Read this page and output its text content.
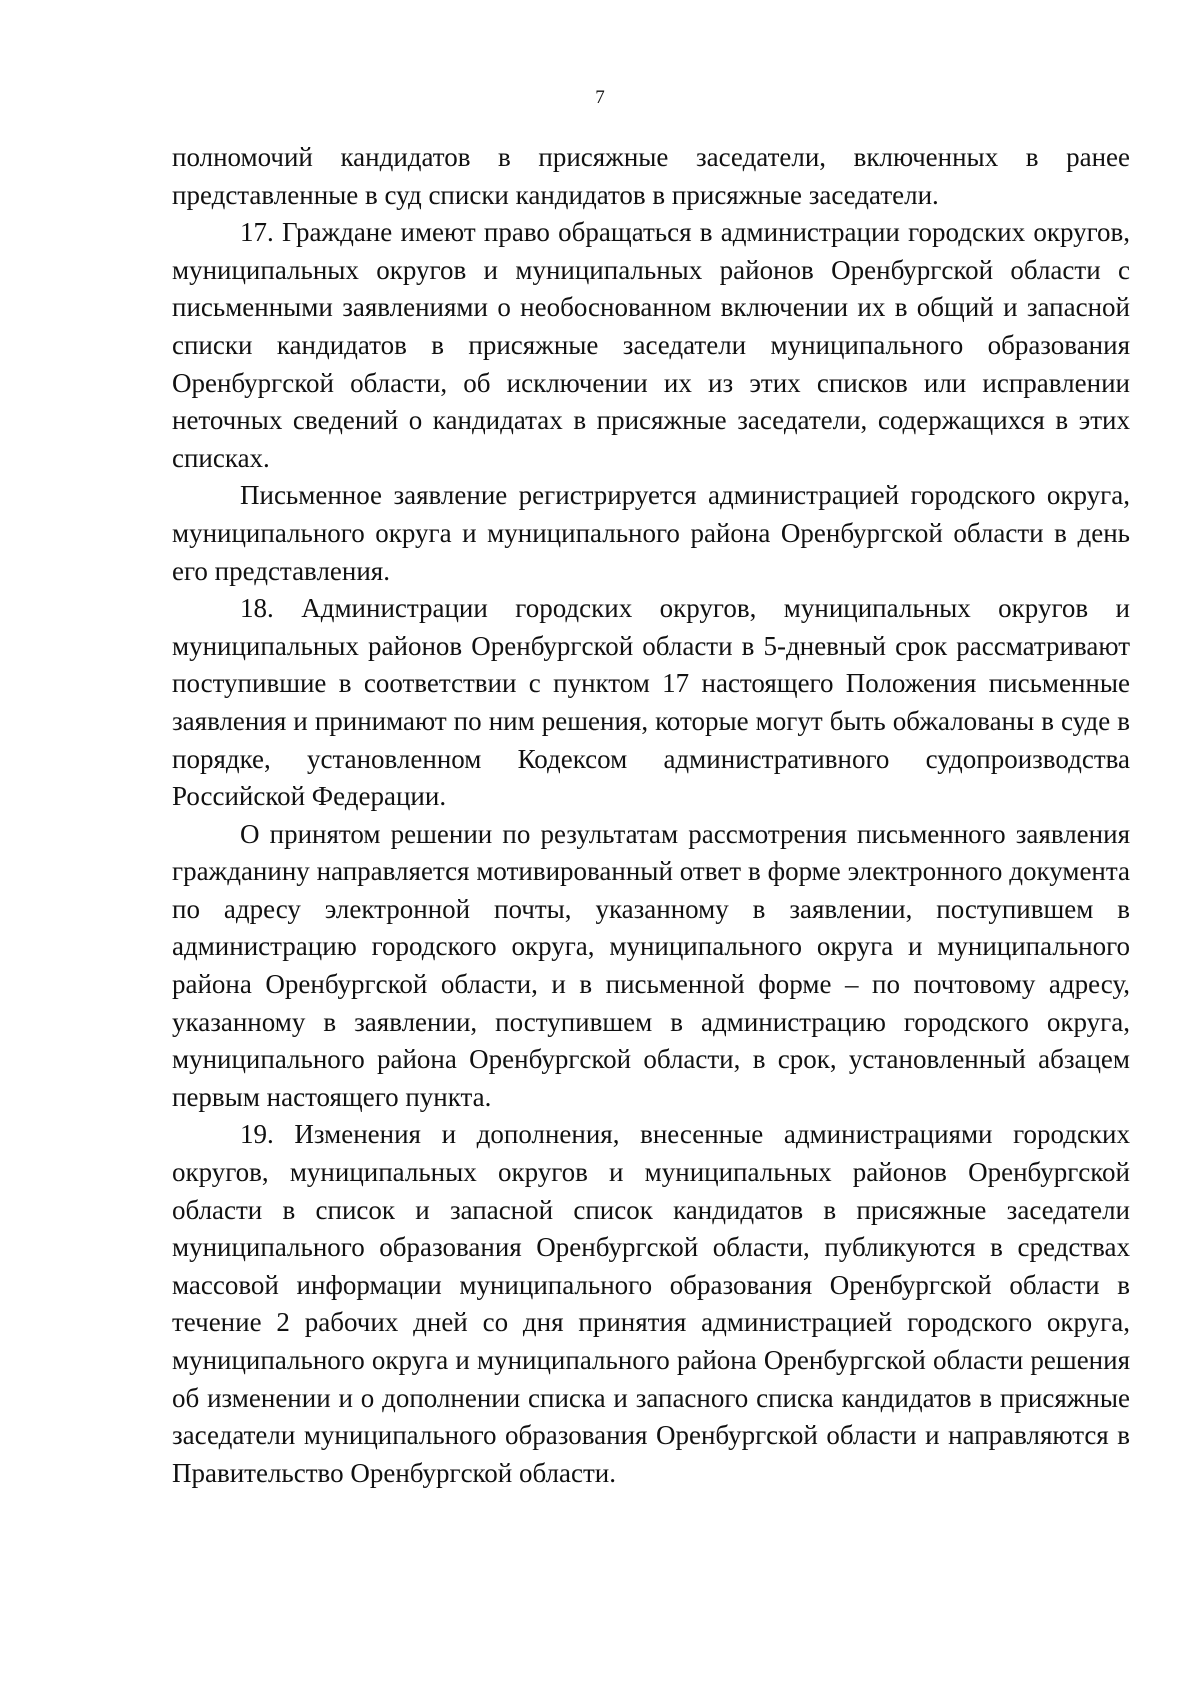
7

полномочий кандидатов в присяжные заседатели, включенных в ранее представленные в суд списки кандидатов в присяжные заседатели.

17. Граждане имеют право обращаться в администрации городских округов, муниципальных округов и муниципальных районов Оренбургской области с письменными заявлениями о необоснованном включении их в общий и запасной списки кандидатов в присяжные заседатели муниципального образования Оренбургской области, об исключении их из этих списков или исправлении неточных сведений о кандидатах в присяжные заседатели, содержащихся в этих списках.

Письменное заявление регистрируется администрацией городского округа, муниципального округа и муниципального района Оренбургской области в день его представления.

18. Администрации городских округов, муниципальных округов и муниципальных районов Оренбургской области в 5-дневный срок рассматривают поступившие в соответствии с пунктом 17 настоящего Положения письменные заявления и принимают по ним решения, которые могут быть обжалованы в суде в порядке, установленном Кодексом административного судопроизводства Российской Федерации.

О принятом решении по результатам рассмотрения письменного заявления гражданину направляется мотивированный ответ в форме электронного документа по адресу электронной почты, указанному в заявлении, поступившем в администрацию городского округа, муниципального округа и муниципального района Оренбургской области, и в письменной форме – по почтовому адресу, указанному в заявлении, поступившем в администрацию городского округа, муниципального района Оренбургской области, в срок, установленный абзацем первым настоящего пункта.

19. Изменения и дополнения, внесенные администрациями городских округов, муниципальных округов и муниципальных районов Оренбургской области в список и запасной список кандидатов в присяжные заседатели муниципального образования Оренбургской области, публикуются в средствах массовой информации муниципального образования Оренбургской области в течение 2 рабочих дней со дня принятия администрацией городского округа, муниципального округа и муниципального района Оренбургской области решения об изменении и о дополнении списка и запасного списка кандидатов в присяжные заседатели муниципального образования Оренбургской области и направляются в Правительство Оренбургской области.
